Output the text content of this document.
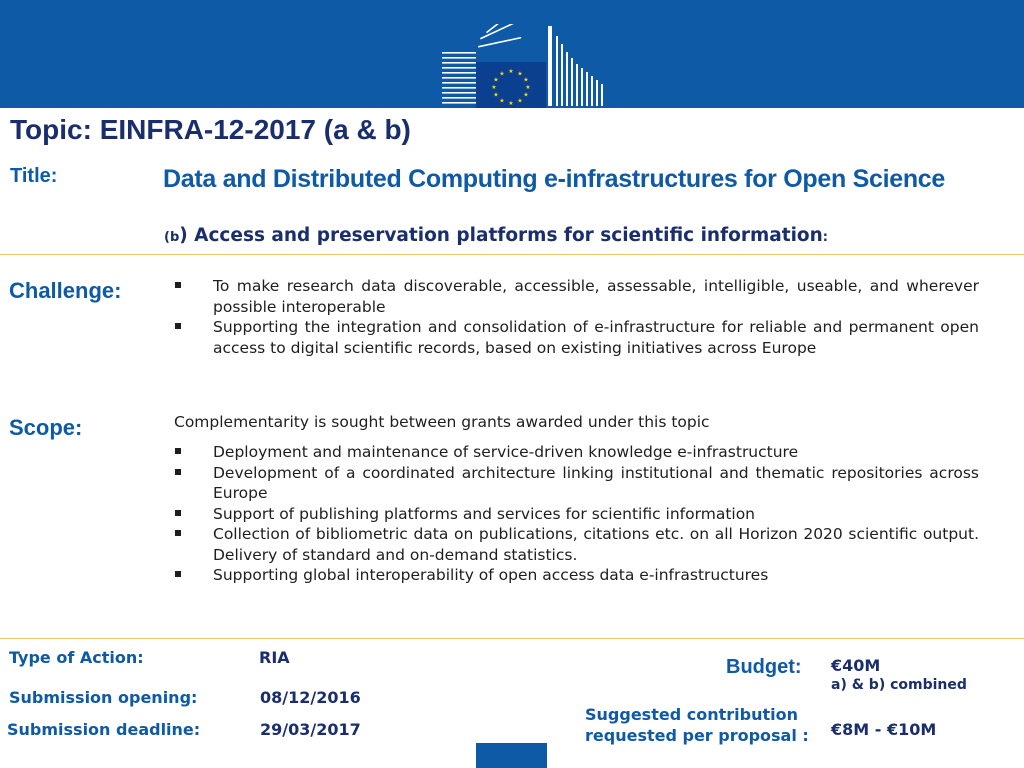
★ ★
★
★
★
★
★
★
★
★
★
★
Topic: EINFRA-12-2017 (a & b)
Title:	Data and Distributed Computing e-infrastructures for Open Science
(b) Access and preservation platforms for scientific information:
Challenge:	To make research data discoverable, accessible, assessable, intelligible, useable, and wherever possible interoperable
Supporting the integration and consolidation of e-infrastructure for reliable and permanent open access to digital scientific records, based on existing initiatives across Europe
Scope:	Complementarity is sought between grants awarded under this topic
Deployment and maintenance of service-driven knowledge e-infrastructure
Development of a coordinated architecture linking institutional and thematic repositories across Europe
Support of publishing platforms and services for scientific information
Collection of bibliometric data on publications, citations etc. on all Horizon 2020 scientific output. Delivery of standard and on-demand statistics.
Supporting global interoperability of open access data e-infrastructures
Type of Action:	RIA
Submission opening:	08/12/2016
Submission deadline:	29/03/2017
Budget: €40M
a) & b) combined
Suggested contribution
requested per proposal : €8M - €10M
